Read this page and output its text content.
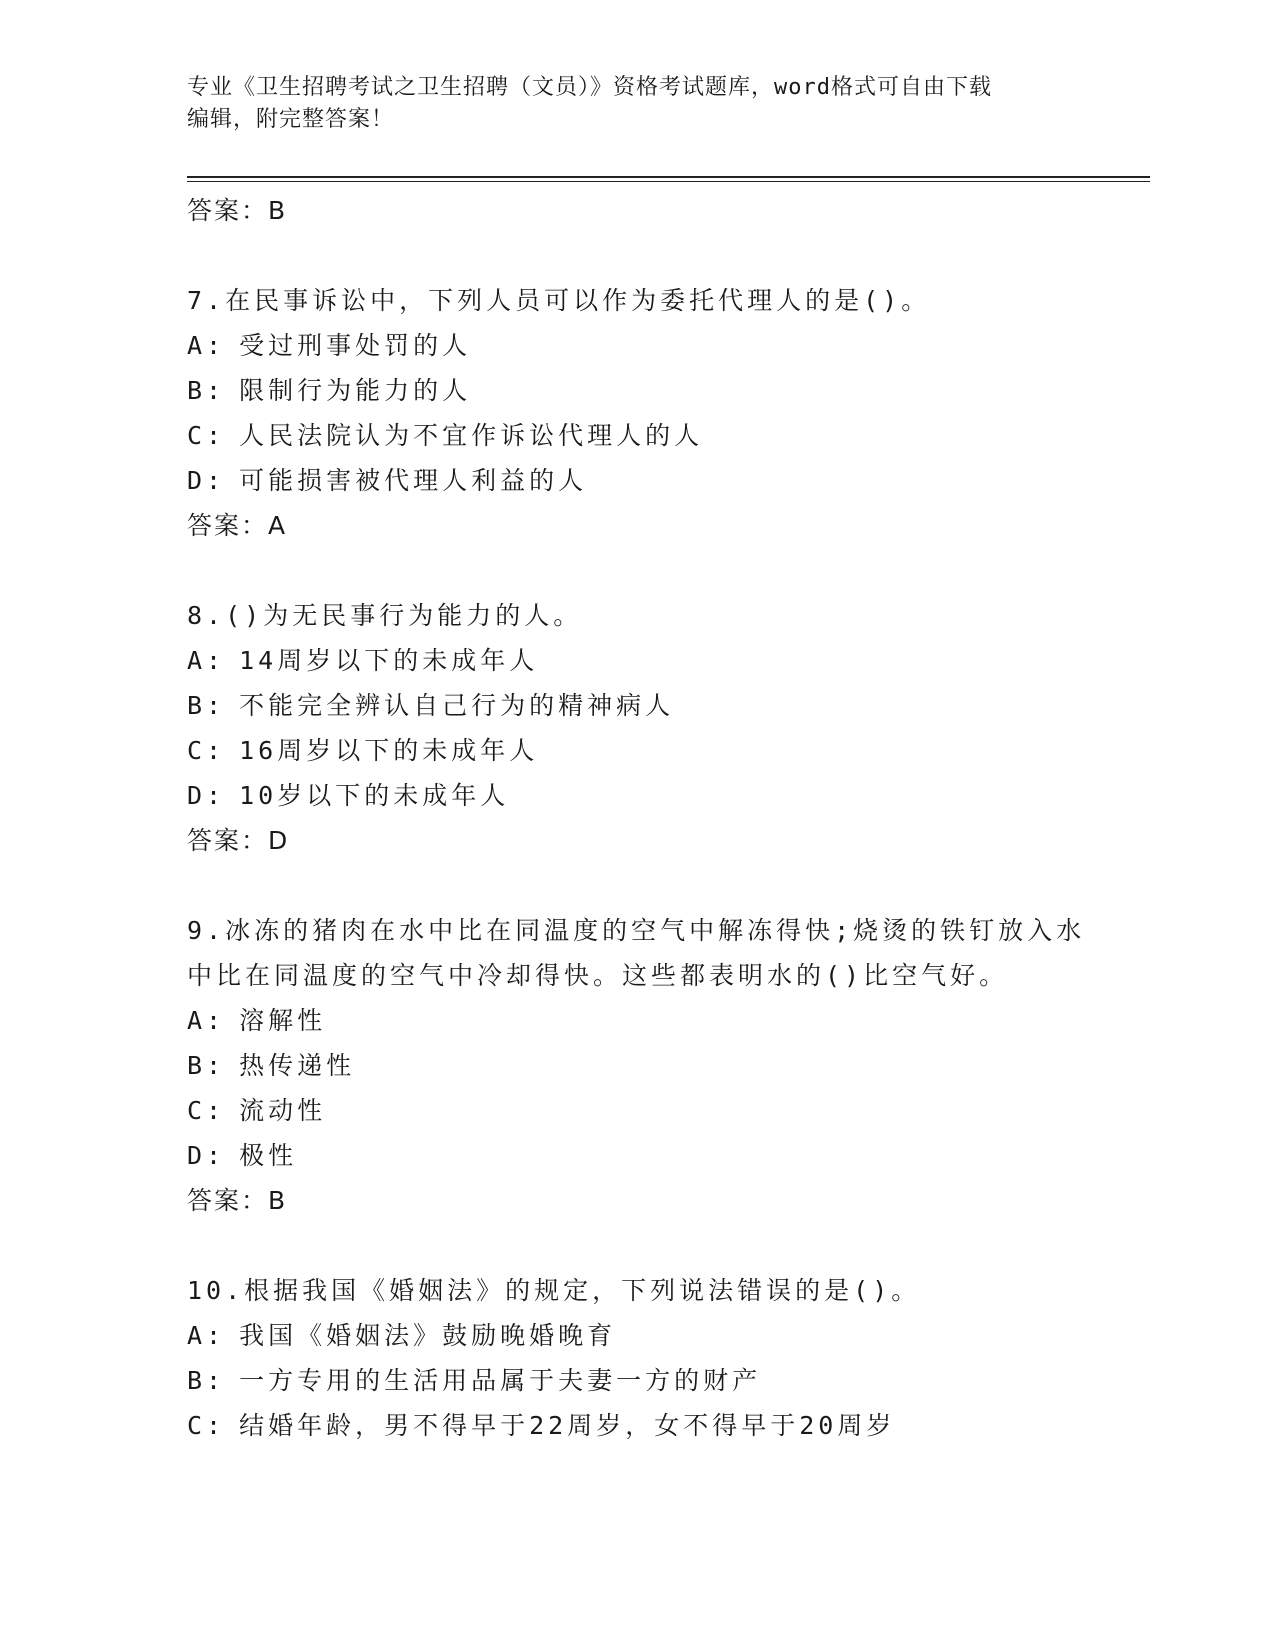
专业《卫生招聘考试之卫生招聘（文员）》资格考试题库，word格式可自由下载
编辑，附完整答案！
答案：B
7.在民事诉讼中，下列人员可以作为委托代理人的是()。
A: 受过刑事处罚的人
B: 限制行为能力的人
C: 人民法院认为不宜作诉讼代理人的人
D: 可能损害被代理人利益的人
答案：A
8.()为无民事行为能力的人。
A: 14周岁以下的未成年人
B: 不能完全辨认自己行为的精神病人
C: 16周岁以下的未成年人
D: 10岁以下的未成年人
答案：D
9.冰冻的猪肉在水中比在同温度的空气中解冻得快;烧烫的铁钉放入水
中比在同温度的空气中冷却得快。这些都表明水的()比空气好。
A: 溶解性
B: 热传递性
C: 流动性
D: 极性
答案：B
10.根据我国《婚姻法》的规定，下列说法错误的是()。
A: 我国《婚姻法》鼓励晚婚晚育
B: 一方专用的生活用品属于夫妻一方的财产
C: 结婚年龄，男不得早于22周岁，女不得早于20周岁
